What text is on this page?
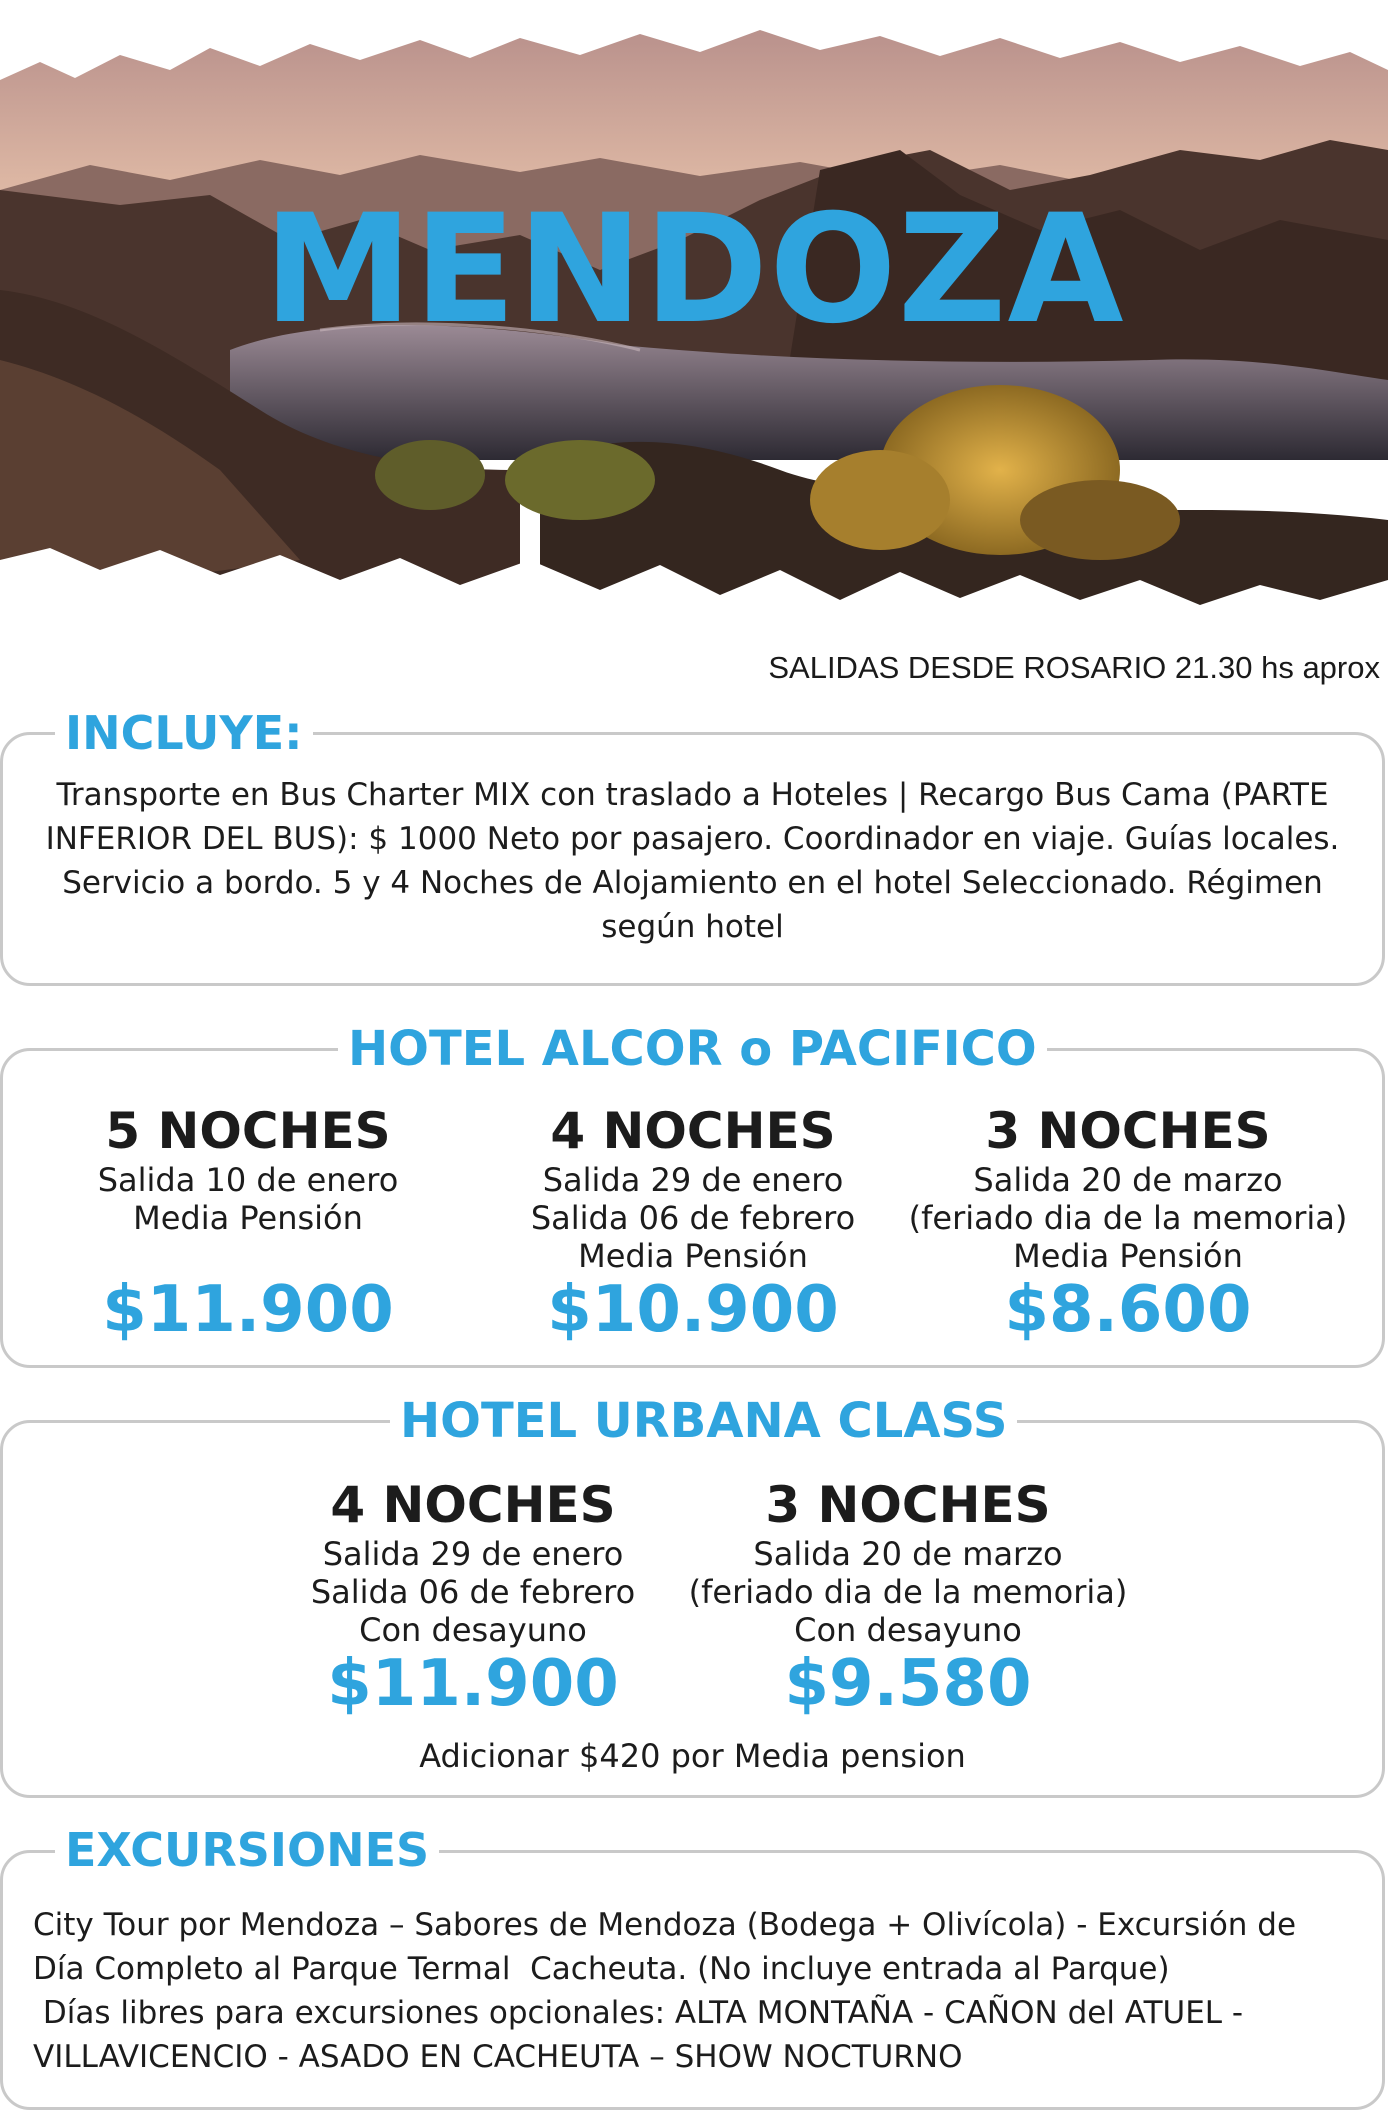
MENDOZA
SALIDAS DESDE ROSARIO 21.30 hs aprox
INCLUYE:
Transporte en Bus Charter MIX con traslado a Hoteles | Recargo Bus Cama (PARTE INFERIOR DEL BUS): $ 1000 Neto por pasajero. Coordinador en viaje. Guías locales. Servicio a bordo. 5 y 4 Noches de Alojamiento en el hotel Seleccionado. Régimen según hotel
HOTEL ALCOR o PACIFICO
5 NOCHES
Salida 10 de enero
Media Pensión
$11.900
4 NOCHES
Salida 29 de enero
Salida 06 de febrero
Media Pensión
$10.900
3 NOCHES
Salida 20 de marzo
(feriado dia de la memoria)
Media Pensión
$8.600
HOTEL URBANA CLASS
4 NOCHES
Salida 29 de enero
Salida 06 de febrero
Con desayuno
$11.900
3 NOCHES
Salida 20 de marzo
(feriado dia de la memoria)
Con desayuno
$9.580
Adicionar $420 por Media pension
EXCURSIONES
City Tour por Mendoza – Sabores de Mendoza (Bodega + Olivícola) - Excursión de
Día Completo al Parque Termal  Cacheuta. (No incluye entrada al Parque)
Días libres para excursiones opcionales: ALTA MONTAÑA - CAÑON del ATUEL -
VILLAVICENCIO - ASADO EN CACHEUTA – SHOW NOCTURNO
